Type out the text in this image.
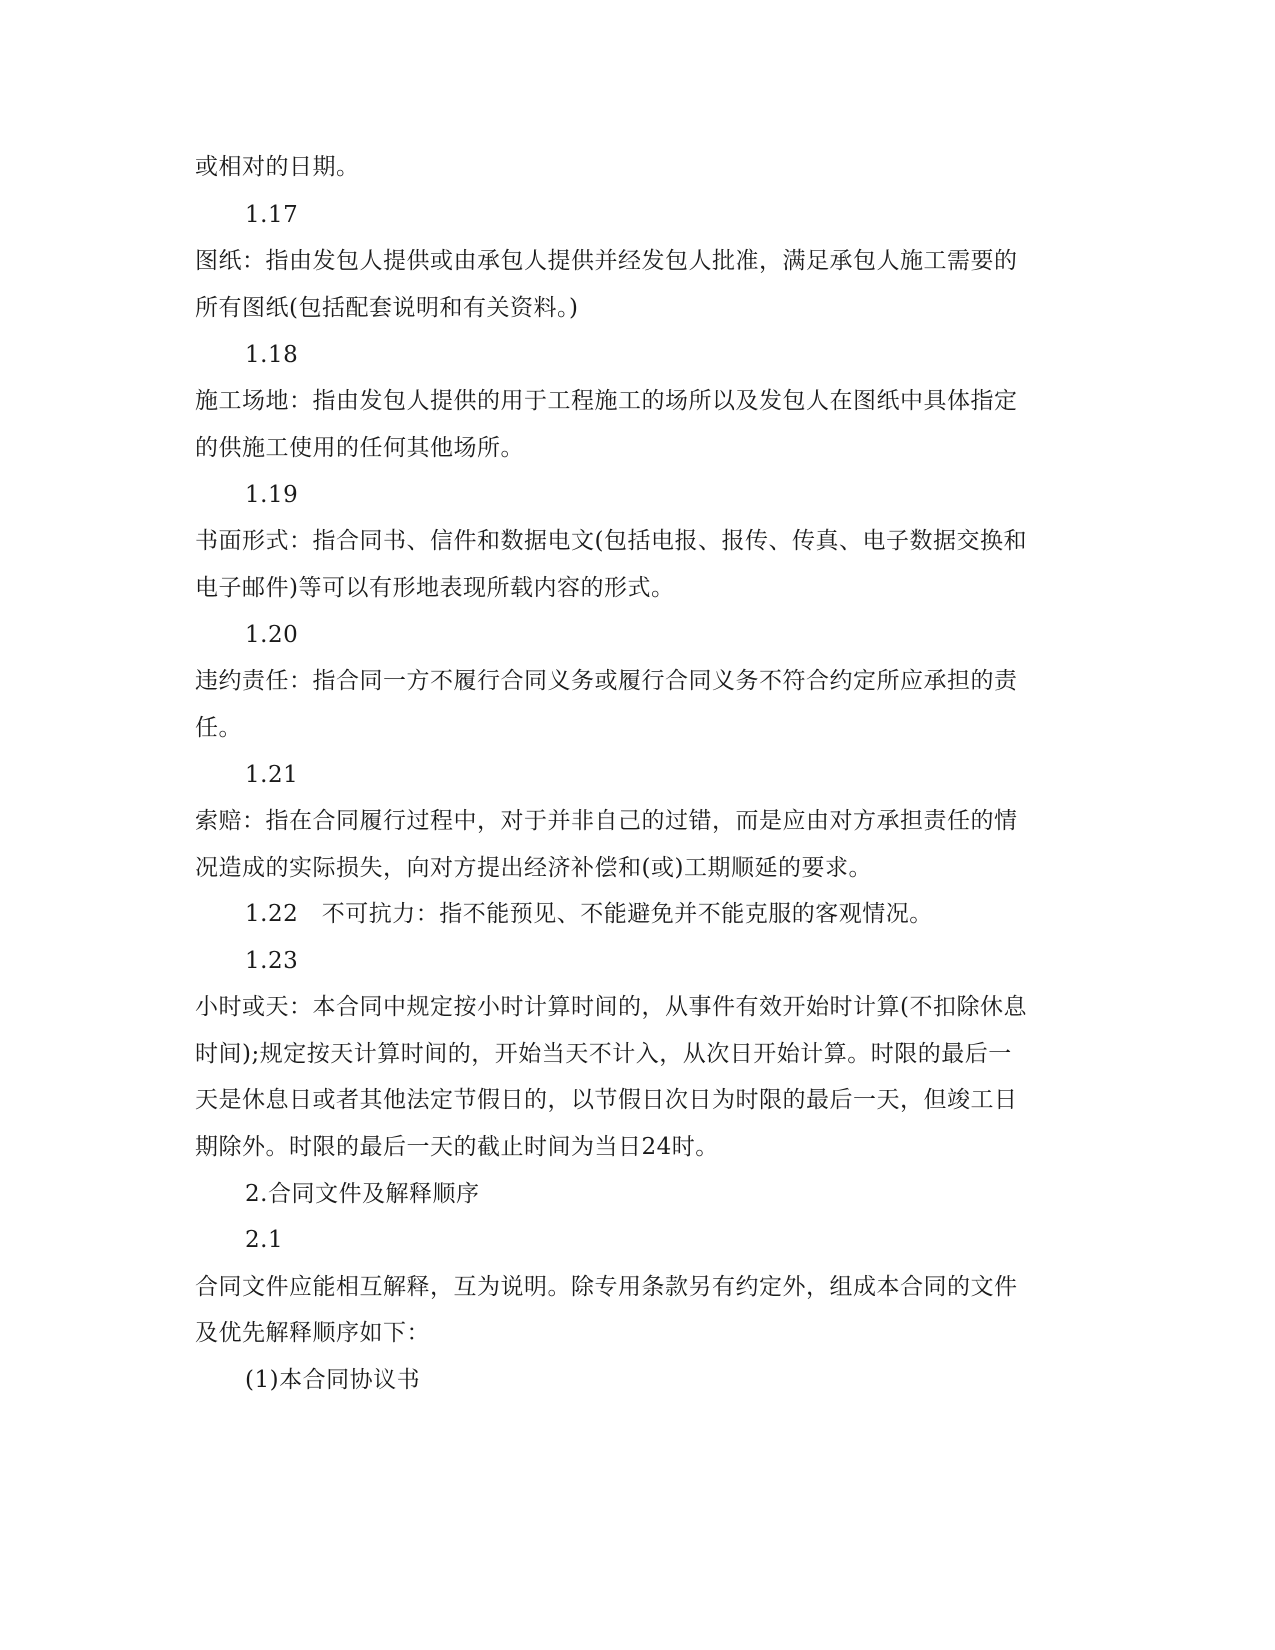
或相对的日期。
1.17
图纸：指由发包人提供或由承包人提供并经发包人批准，满足承包人施工需要的
所有图纸(包括配套说明和有关资料。)
1.18
施工场地：指由发包人提供的用于工程施工的场所以及发包人在图纸中具体指定
的供施工使用的任何其他场所。
1.19
书面形式：指合同书、信件和数据电文(包括电报、报传、传真、电子数据交换和
电子邮件)等可以有形地表现所载内容的形式。
1.20
违约责任：指合同一方不履行合同义务或履行合同义务不符合约定所应承担的责
任。
1.21
索赔：指在合同履行过程中，对于并非自己的过错，而是应由对方承担责任的情
况造成的实际损失，向对方提出经济补偿和(或)工期顺延的要求。
1.22　不可抗力：指不能预见、不能避免并不能克服的客观情况。
1.23
小时或天：本合同中规定按小时计算时间的，从事件有效开始时计算(不扣除休息
时间);规定按天计算时间的，开始当天不计入，从次日开始计算。时限的最后一
天是休息日或者其他法定节假日的，以节假日次日为时限的最后一天，但竣工日
期除外。时限的最后一天的截止时间为当日24时。
2.合同文件及解释顺序
2.1
合同文件应能相互解释，互为说明。除专用条款另有约定外，组成本合同的文件
及优先解释顺序如下：
(1)本合同协议书
